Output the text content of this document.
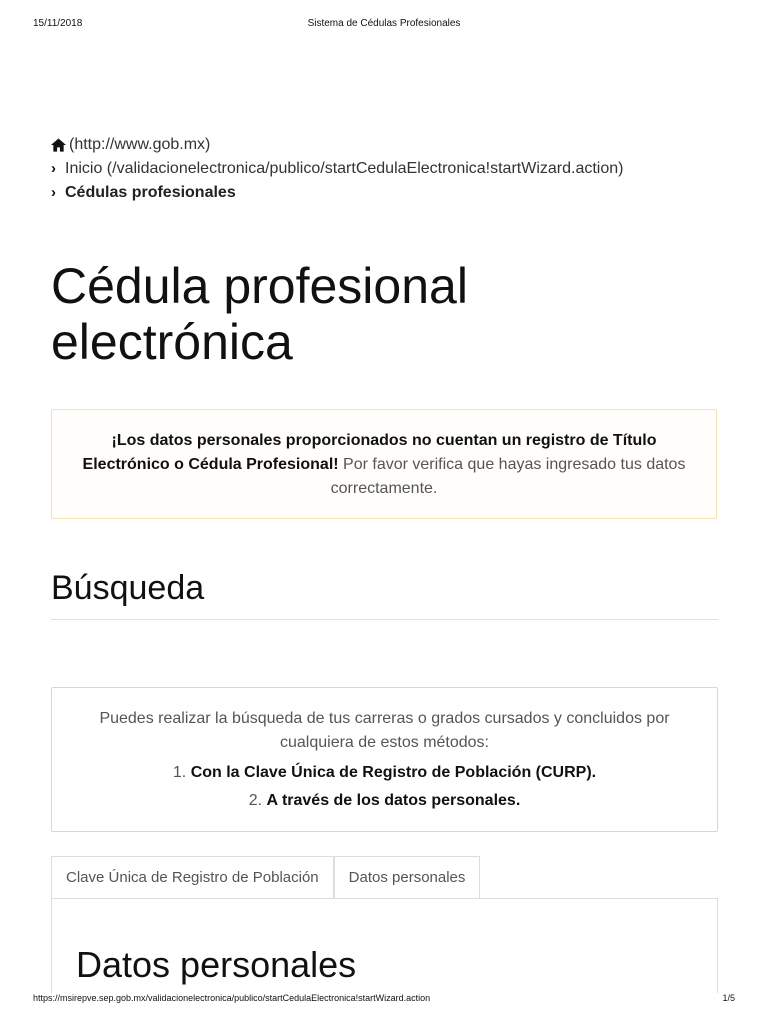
15/11/2018	Sistema de Cédulas Profesionales
(http://www.gob.mx)
› Inicio (/validacionelectronica/publico/startCedulaElectronica!startWizard.action)
› Cédulas profesionales
Cédula profesional electrónica
¡Los datos personales proporcionados no cuentan un registro de Título Electrónico o Cédula Profesional! Por favor verifica que hayas ingresado tus datos correctamente.
Búsqueda
Puedes realizar la búsqueda de tus carreras o grados cursados y concluidos por cualquiera de estos métodos:
1. Con la Clave Única de Registro de Población (CURP).
2. A través de los datos personales.
Clave Única de Registro de Población	Datos personales
Datos personales
https://msirepve.sep.gob.mx/validacionelectronica/publico/startCedulaElectronica!startWizard.action	1/5
